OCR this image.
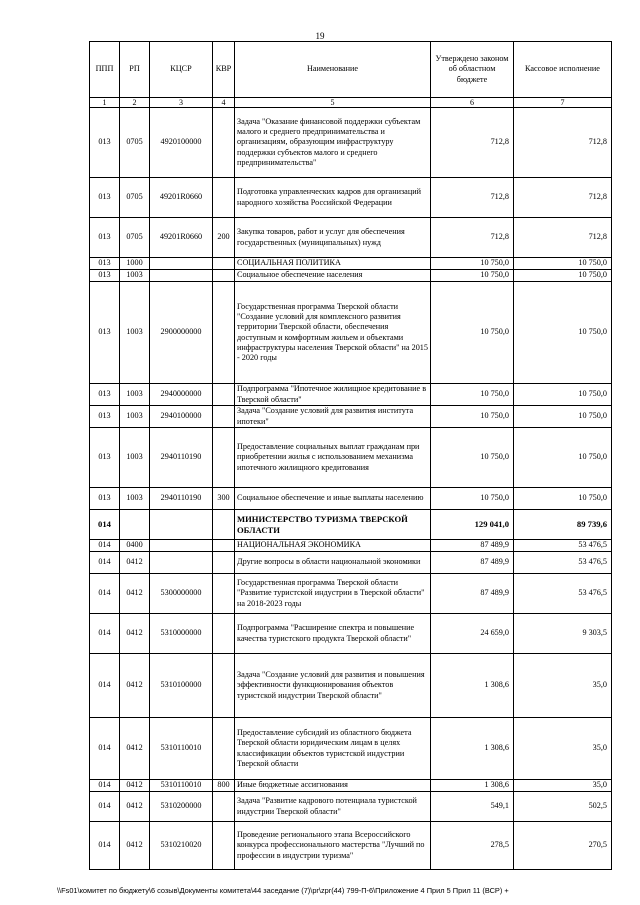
19
ППП	РП	КЦСР	КВР	Наименование	Утверждено законом об областном бюджете	Кассовое исполнение
1	2	3	4	5	6	7
013	0705	4920100000		Задача "Оказание финансовой поддержки субъектам малого и среднего предпринимательства и организациям, образующим инфраструктуру поддержки субъектов малого и среднего предпринимательства"	712,8	712,8
013	0705	49201R0660		Подготовка управленческих кадров для организаций народного хозяйства Российской Федерации	712,8	712,8
013	0705	49201R0660	200	Закупка товаров, работ и услуг для обеспечения государственных (муниципальных) нужд	712,8	712,8
013	1000			СОЦИАЛЬНАЯ ПОЛИТИКА	10 750,0	10 750,0
013	1003			Социальное обеспечение населения	10 750,0	10 750,0
013	1003	2900000000		Государственная программа Тверской области "Создание условий для комплексного развития территории Тверской области, обеспечения доступным и комфортным жильем и объектами инфраструктуры населения Тверской области" на 2015 - 2020 годы	10 750,0	10 750,0
013	1003	2940000000		Подпрограмма "Ипотечное жилищное кредитование в Тверской области"	10 750,0	10 750,0
013	1003	2940100000		Задача "Создание условий для развития института ипотеки"	10 750,0	10 750,0
013	1003	2940110190		Предоставление социальных выплат гражданам при приобретении жилья с использованием механизма ипотечного жилищного кредитования	10 750,0	10 750,0
013	1003	2940110190	300	Социальное обеспечение и иные выплаты населению	10 750,0	10 750,0
014				МИНИСТЕРСТВО ТУРИЗМА ТВЕРСКОЙ ОБЛАСТИ	129 041,0	89 739,6
014	0400			НАЦИОНАЛЬНАЯ ЭКОНОМИКА	87 489,9	53 476,5
014	0412			Другие вопросы в области национальной экономики	87 489,9	53 476,5
014	0412	5300000000		Государственная программа Тверской области "Развитие туристской индустрии в Тверской области" на 2018-2023 годы	87 489,9	53 476,5
014	0412	5310000000		Подпрограмма "Расширение спектра и повышение качества туристского продукта Тверской области"	24 659,0	9 303,5
014	0412	5310100000		Задача "Создание условий для развития и повышения эффективности функционирования объектов туристской индустрии Тверской области"	1 308,6	35,0
014	0412	5310110010		Предоставление субсидий из областного бюджета Тверской области юридическим лицам в целях классификации объектов туристской индустрии Тверской области	1 308,6	35,0
014	0412	5310110010	800	Иные бюджетные ассигнования	1 308,6	35,0
014	0412	5310200000		Задача "Развитие кадрового потенциала туристской индустрии Тверской области"	549,1	502,5
014	0412	5310210020		Проведение регионального этапа Всероссийского конкурса профессионального мастерства "Лучший по профессии в индустрии туризма"	278,5	270,5
\\Fs01\комитет по бюджету\6 созыв\Документы комитета\44 заседание (7)\pr\zpr(44) 799-П-6\Приложение 4 Прил 5 Прил 11 (ВСР) +
